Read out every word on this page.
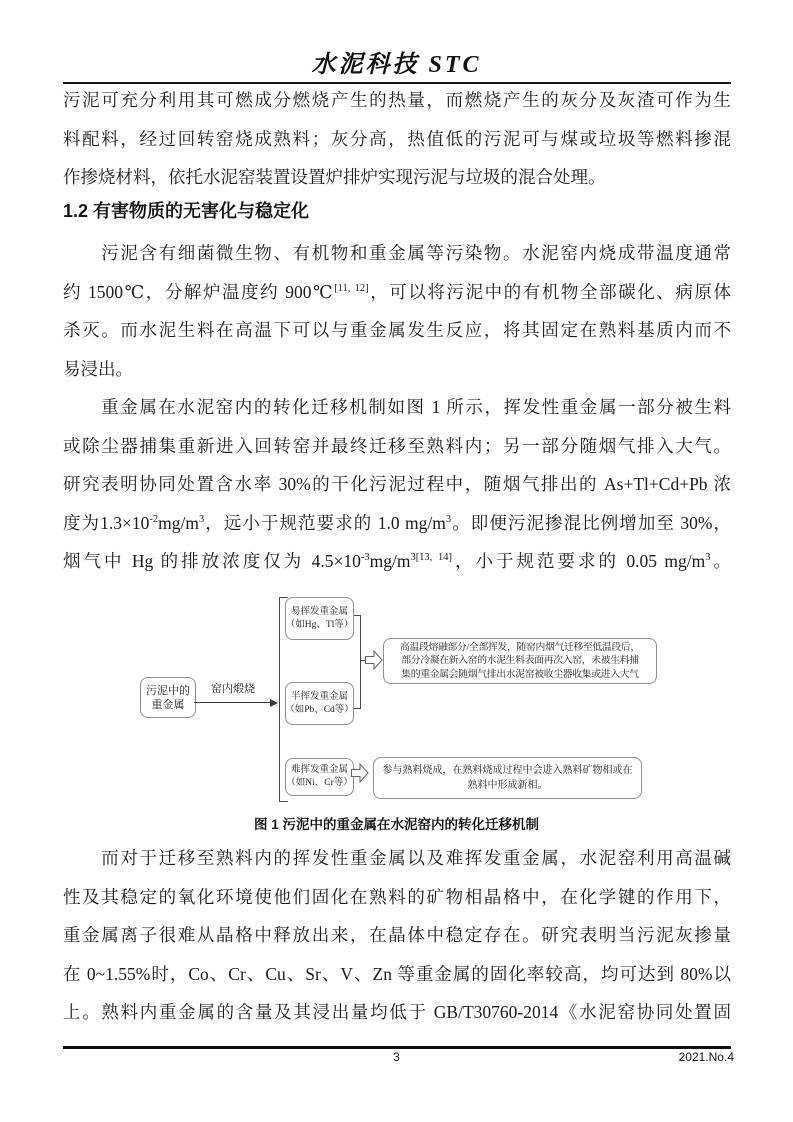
水泥科技 STC
污泥可充分利用其可燃成分燃烧产生的热量，而燃烧产生的灰分及灰渣可作为生
料配料，经过回转窑烧成熟料；灰分高，热值低的污泥可与煤或垃圾等燃料掺混
作掺烧材料，依托水泥窑装置设置炉排炉实现污泥与垃圾的混合处理。
1.2 有害物质的无害化与稳定化
　　污泥含有细菌微生物、有机物和重金属等污染物。水泥窑内烧成带温度通常
约 1500℃，分解炉温度约 900℃[11, 12]，可以将污泥中的有机物全部碳化、病原体
杀灭。而水泥生料在高温下可以与重金属发生反应，将其固定在熟料基质内而不
易浸出。
　　重金属在水泥窑内的转化迁移机制如图 1 所示，挥发性重金属一部分被生料
或除尘器捕集重新进入回转窑并最终迁移至熟料内；另一部分随烟气排入大气。
研究表明协同处置含水率 30%的干化污泥过程中，随烟气排出的 As+Tl+Cd+Pb 浓
度为$1.3\times 10^{-2}mg/m^3$，远小于规范要求的 1.0 $mg/m^3$。即便污泥掺混比例增加至 30%，
烟气中 Hg 的排放浓度仅为 $4.5\times 10^{-3}mg/m^{3[13, 14]}$，小于规范要求的 0.05 $mg/m^3$。
污泥中的
重金属
窑内煅烧
易挥发重金属
（如Hg、Tl等）
半挥发重金属
（如Pb、Cd等）
难挥发重金属
（如Ni、Cr等）
高温段熔融部分/全部挥发，随窑内烟气迁移至低温段后，
部分冷凝在新入窑的水泥生料表面再次入窑，未被生料捕
集的重金属会随烟气排出水泥窑被收尘器收集或进入大气
参与熟料烧成，在熟料烧成过程中会进入熟料矿物相或在
熟料中形成新相。
图 1 污泥中的重金属在水泥窑内的转化迁移机制
　　而对于迁移至熟料内的挥发性重金属以及难挥发重金属，水泥窑利用高温碱
性及其稳定的氧化环境使他们固化在熟料的矿物相晶格中，在化学键的作用下，
重金属离子很难从晶格中释放出来，在晶体中稳定存在。研究表明当污泥灰掺量
在 0~1.55%时，Co、Cr、Cu、Sr、V、Zn 等重金属的固化率较高，均可达到 80%以
上。熟料内重金属的含量及其浸出量均低于 GB/T30760-2014《水泥窑协同处置固
3	2021.No.4
